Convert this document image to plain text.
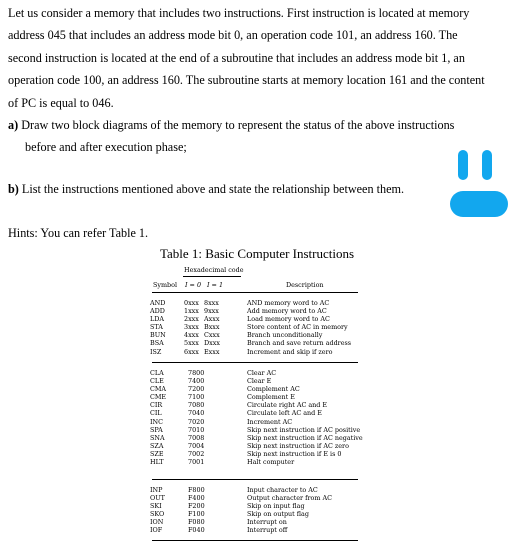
Let us consider a memory that includes two instructions. First instruction is located at memory
address 045 that includes an address mode bit 0, an operation code 101, an address 160. The
second instruction is located at the end of a subroutine that includes an address mode bit 1, an
operation code 100, an address 160. The subroutine starts at memory location 161 and the content
of PC is equal to 046.
a) Draw two block diagrams of the memory to represent the status of the above instructions
before and after execution phase;
b) List the instructions mentioned above and state the relationship between them.
Hints: You can refer Table 1.
Table 1: Basic Computer Instructions
Hexadecimal code
Symbol I = 0 I = 1	Description
AND	0xxx 8xxx	AND memory word to AC
ADD	1xxx 9xxx	Add memory word to AC
LDA	2xxx Axxx	Load memory word to AC
STA	3xxx Bxxx	Store content of AC in memory
BUN	4xxx Cxxx	Branch unconditionally
BSA	5xxx Dxxx	Branch and save return address
ISZ	6xxx Exxx	Increment and skip if zero
CLA	7800	Clear AC
CLE	7400	Clear E
CMA	7200	Complement AC
CME	7100	Complement E
CIR	7080	Circulate right AC and E
CIL	7040	Circulate left AC and E
INC	7020	Increment AC
SPA	7010	Skip next instruction if AC positive
SNA	7008	Skip next instruction if AC negative
SZA	7004	Skip next instruction if AC zero
SZE	7002	Skip next instruction if E is 0
HLT	7001	Halt computer
INP	F800	Input character to AC
OUT	F400	Output character from AC
SKI	F200	Skip on input flag
SKO	F100	Skip on output flag
ION	F080	Interrupt on
IOF	F040	Interrupt off
